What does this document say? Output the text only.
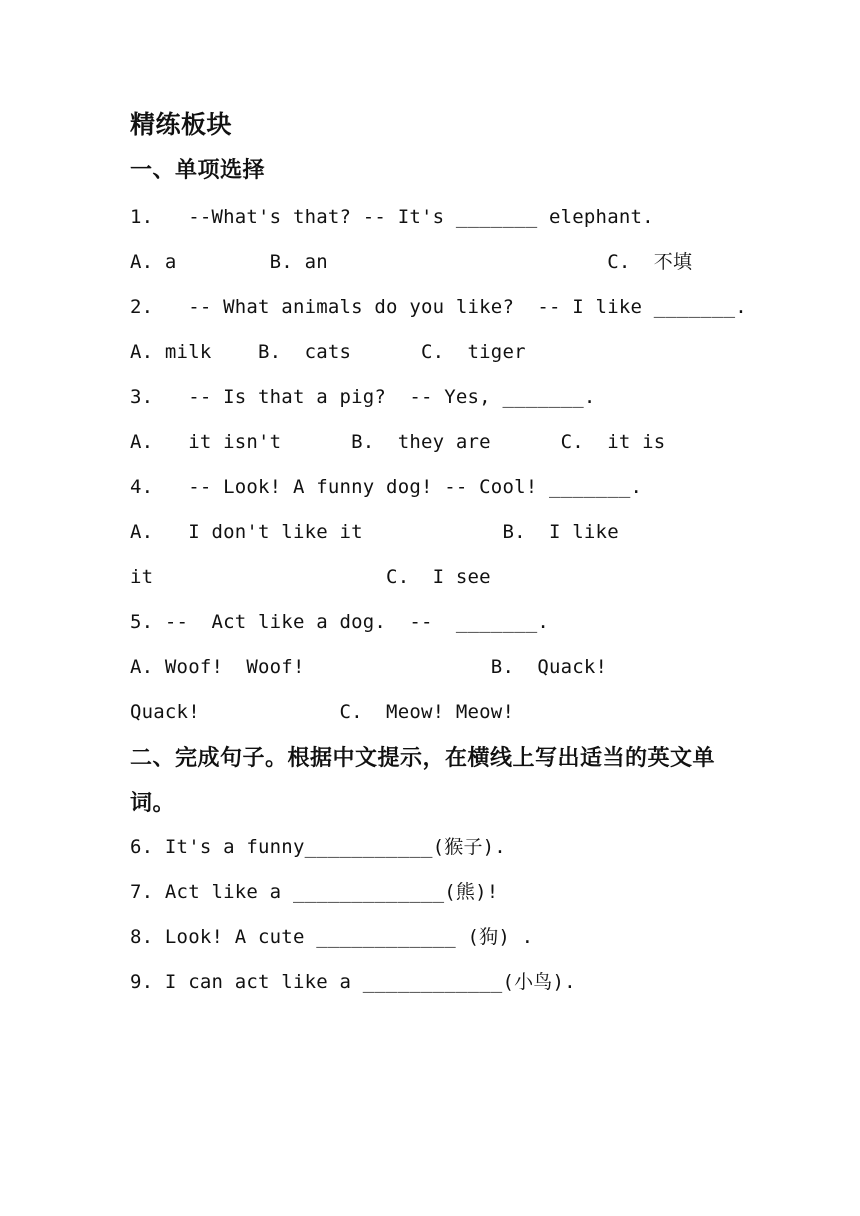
精练板块
一、单项选择
1.   --What's that? -- It's _______ elephant.
A. a        B. an                        C.  不填
2.   -- What animals do you like?  -- I like _______.
A. milk    B.  cats      C.  tiger
3.   -- Is that a pig?  -- Yes, _______.
A.   it isn't      B.  they are      C.  it is
4.   -- Look! A funny dog! -- Cool! _______.
A.   I don't like it            B.  I like
it                    C.  I see
5. --  Act like a dog.  --  _______.
A. Woof!  Woof!                B.  Quack!
Quack!            C.  Meow! Meow!
二、完成句子。根据中文提示，在横线上写出适当的英文单词。
6. It's a funny___________(猴子).
7. Act like a _____________(熊)!
8. Look! A cute ____________ (狗) .
9. I can act like a ____________(小鸟).
